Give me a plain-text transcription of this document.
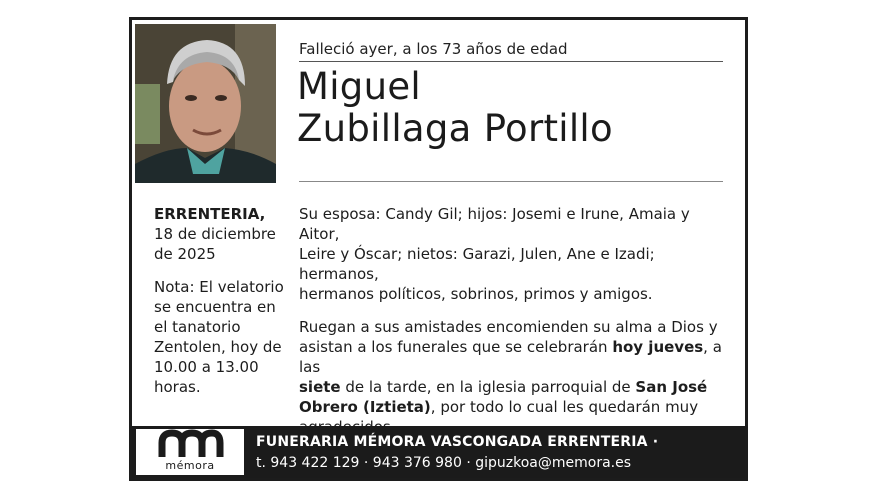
Falleció ayer, a los 73 años de edad
Miguel
Zubillaga Portillo
ERRENTERIA,
18 de diciembre
de 2025
Nota: El velatorio
se encuentra en
el tanatorio
Zentolen, hoy de
10.00 a 13.00
horas.

Su esposa: Candy Gil; hijos: Josemi e Irune, Amaia y Aitor,
Leire y Óscar; nietos: Garazi, Julen, Ane e Izadi; hermanos,
hermanos políticos, sobrinos, primos y amigos.

Ruegan a sus amistades encomienden su alma a Dios y
asistan a los funerales que se celebrarán hoy jueves, a las
siete de la tarde, en la iglesia parroquial de San José
Obrero (Iztieta), por todo lo cual les quedarán muy

mémora
FUNERARIA MÉMORA VASCONGADA ERRENTERIA ·
t. 943 422 129 · 943 376 980 · gipuzkoa@memora.es
